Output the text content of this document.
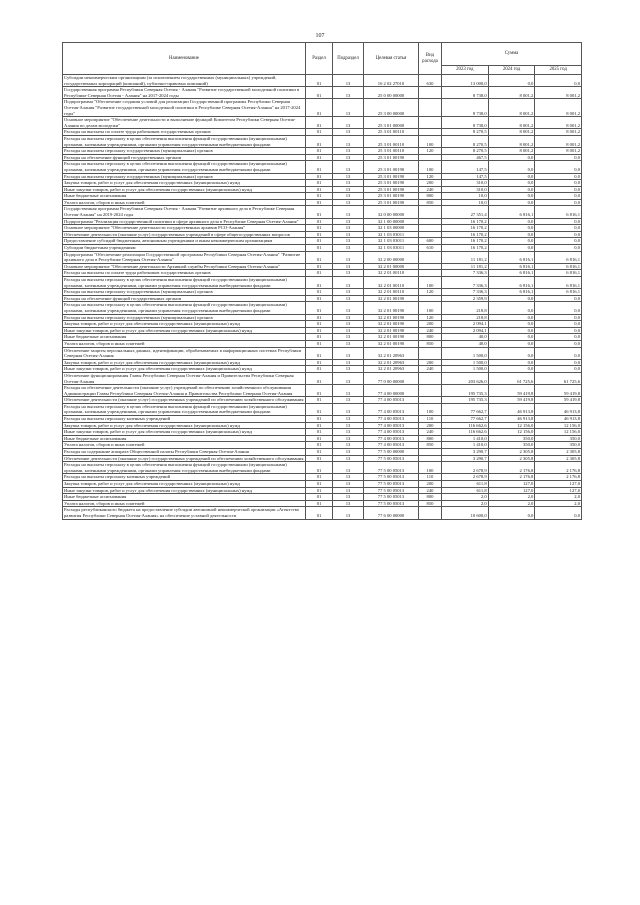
107
Наименование	Раздел	Подраздел	Целевая статья	Вид расхода	Сумма		
					2023 год	2024 год	2025 год
Субсидии некоммерческим организациям (за исключением государственных (муниципальных) учреждений, государственных корпораций (компаний), публично-правовых компаний)	01	13	16 2 02 27010	630	13 000,0	0,0	0,0
Государственная программа Республики Северная Осетия - Алания "Развитие государственной молодежной политики в Республике Северная Осетия - Алания" на 2017-2024 годы	01	13	25 0 00 00000		8 738,0	8 001,2	8 001,2
Подпрограмма "Обеспечение создания условий для реализации Государственной программы Республики Северная Осетия-Алания "Развитие государственной молодежной политики в Республике Северная Осетия-Алания" на 2017-2024 годы"	01	13	25 3 00 00000		8 738,0	8 001,2	8 001,2
Основное мероприятие "Обеспечение деятельности и выполнение функций Комитетом Республики Северная Осетия-Алания по делам молодежи"	01	13	25 3 01 00000		8 738,0	8 001,2	8 001,2
Расходы на выплаты по оплате труда работников государственных органов	01	13	25 3 01 00110		8 270,5	8 001,2	8 001,2
Расходы на выплаты персоналу в целях обеспечения выполнения функций государственными (муниципальными) органами, казенными учреждениями, органами управления государственными внебюджетными фондами	01	13	25 3 01 00110	100	8 270,5	8 001,2	8 001,2
Расходы на выплаты персоналу государственных (муниципальных) органов	01	13	25 3 01 00110	120	8 270,5	8 001,2	8 001,2
Расходы на обеспечение функций государственных органов	01	13	25 3 01 00190		467,5	0,0	0,0
Расходы на выплаты персоналу в целях обеспечения выполнения функций государственными (муниципальными) органами, казенными учреждениями, органами управления государственными внебюджетными фондами	01	13	25 3 01 00190	100	147,5	0,0	0,0
Расходы на выплаты персоналу государственных (муниципальных) органов	01	13	25 3 01 00190	120	147,5	0,0	0,0
Закупка товаров, работ и услуг для обеспечения государственных (муниципальных) нужд	01	13	25 3 01 00190	200	310,0	0,0	0,0
Иные закупки товаров, работ и услуг для обеспечения государственных (муниципальных) нужд	01	13	25 3 01 00190	240	310,0	0,0	0,0
Иные бюджетные ассигнования	01	13	25 3 01 00190	800	10,0	0,0	0,0
Уплата налогов, сборов и иных платежей	01	13	25 3 01 00190	850	10,0	0,0	0,0
Государственная программа Республики Северная Осетия - Алания "Развитие архивного дела в Республике Северная Осетия-Алания" на 2019-2024 годы	01	13	32 0 00 00000		27 351,4	6 816,1	6 816,1
Подпрограмма "Реализация государственной политики в сфере архивного дела в Республике Северная Осетия-Алания"	01	13	32 1 00 00000		16 170,2	0,0	0,0
Основное мероприятие "Обеспечение деятельности государственных архивов РСО-Алания"	01	13	32 1 03 00000		16 170,2	0,0	0,0
Обеспечение деятельности (оказание услуг) государственных учреждений в сфере общегосударственных вопросов	01	13	32 1 03 03011		16 170,2	0,0	0,0
Предоставление субсидий бюджетным, автономным учреждениям и иным некоммерческим организациям	01	13	32 1 03 03011	600	16 170,2	0,0	0,0
Субсидии бюджетным учреждениям	01	13	32 1 03 03011	610	16 170,2	0,0	0,0
Подпрограмма "Обеспечение реализации Государственной программы Республики Северная Осетия-Алания" "Развитие архивного дела в Республике Северная Осетия-Алания"	01	13	32 2 00 00000		11 181,2	6 816,1	6 816,1
Основное мероприятие "Обеспечение деятельности Архивной службы Республики Северная Осетия-Алания"	01	13	32 2 01 00000		11 181,2	6 816,1	6 816,1
Расходы на выплаты по оплате труда работников государственных органов	01	13	32 2 01 00110		7 336,3	6 816,1	6 816,1
Расходы на выплаты персоналу в целях обеспечения выполнения функций государственными (муниципальными) органами, казенными учреждениями, органами управления государственными внебюджетными фондами	01	13	32 2 01 00110	100	7 336,3	6 816,1	6 816,1
Расходы на выплаты персоналу государственных (муниципальных) органов	01	13	32 2 01 00110	120	7 336,3	6 816,1	6 816,1
Расходы на обеспечение функций государственных органов	01	13	32 2 01 00190		2 359,9	0,0	0,0
Расходы на выплаты персоналу в целях обеспечения выполнения функций государственными (муниципальными) органами, казенными учреждениями, органами управления государственными внебюджетными фондами	01	13	32 2 01 00190	100	218,8	0,0	0,0
Расходы на выплаты персоналу государственных (муниципальных) органов	01	13	32 2 01 00190	120	218,8	0,0	0,0
Закупка товаров, работ и услуг для обеспечения государственных (муниципальных) нужд	01	13	32 2 01 00190	200	2 094,1	0,0	0,0
Иные закупки товаров, работ и услуг для обеспечения государственных (муниципальных) нужд	01	13	32 2 01 00190	240	2 094,1	0,0	0,0
Иные бюджетные ассигнования	01	13	32 2 01 00190	800	40,0	0,0	0,0
Уплата налогов, сборов и иных платежей	01	13	32 2 01 00190	850	40,0	0,0	0,0
Обеспечение защиты персональных данных, идентификации, обрабатываемых в информационных системах Республики Северная Осетия-Алания	01	13	32 2 01 20963		1 500,0	0,0	0,0
Закупка товаров, работ и услуг для обеспечения государственных (муниципальных) нужд	01	13	32 2 01 20963	200	1 500,0	0,0	0,0
Иные закупки товаров, работ и услуг для обеспечения государственных (муниципальных) нужд	01	13	32 2 01 20963	240	1 500,0	0,0	0,0
Обеспечение функционирования Главы Республики Северная Осетия-Алания и Правительства Республики Северная Осетия-Алания	01	13	77 0 00 00000		203 626,0	61 725,6	61 725,6
Расходы на обеспечение деятельности (оказание услуг) учреждений по обеспечению хозяйственного обслуживания Администрации Главы Республики Северная Осетия-Алания и Правительства Республики Северная Осетия-Алания	01	13	77 4 00 00000		195 735,3	59 419,8	59 419,8
Обеспечение деятельности (оказание услуг) государственных учреждений по обеспечению хозяйственного обслуживания	01	13	77 4 00 05013		195 735,3	59 419,8	59 419,8
Расходы на выплаты персоналу в целях обеспечения выполнения функций государственными (муниципальными) органами, казенными учреждениями, органами управления государственными внебюджетными фондами	01	13	77 4 00 05013	100	77 662,7	46 913,8	46 913,8
Расходы на выплаты персоналу казенных учреждений	01	13	77 4 00 05013	110	77 662,7	46 913,8	46 913,8
Закупка товаров, работ и услуг для обеспечения государственных (муниципальных) нужд	01	13	77 4 00 05013	200	116 662,6	12 156,0	12 156,0
Иные закупки товаров, работ и услуг для обеспечения государственных (муниципальных) нужд	01	13	77 4 00 05013	240	116 662,6	12 156,0	12 156,0
Иные бюджетные ассигнования	01	13	77 4 00 05013	800	1 410,0	350,0	350,0
Уплата налогов, сборов и иных платежей	01	13	77 4 00 05013	850	1 410,0	350,0	350,0
Расходы на содержание аппарата Общественной палаты Республики Северная Осетия-Алания	01	13	77 5 00 00000		3 290,7	2 305,8	2 305,8
Обеспечение деятельности (оказание услуг) государственных учреждений по обеспечению хозяйственного обслуживания	01	13	77 5 00 05013		3 290,7	2 305,8	2 305,8
Расходы на выплаты персоналу в целях обеспечения выполнения функций государственными (муниципальными) органами, казенными учреждениями, органами управления государственными внебюджетными фондами	01	13	77 5 00 05013	100	2 678,9	2 176,8	2 176,8
Расходы на выплаты персоналу казенных учреждений	01	13	77 5 00 05013	110	2 678,9	2 176,8	2 176,8
Закупка товаров, работ и услуг для обеспечения государственных (муниципальных) нужд	01	13	77 5 00 05013	200	611,8	127,0	127,0
Иные закупки товаров, работ и услуг для обеспечения государственных (муниципальных) нужд	01	13	77 5 00 05013	240	611,8	127,0	127,0
Иные бюджетные ассигнования	01	13	77 5 00 05013	800	2,0	2,0	2,0
Уплата налогов, сборов и иных платежей	01	13	77 5 00 05013	850	2,0	2,0	2,0
Расходы республиканского бюджета на предоставление субсидии автономной некоммерческой организации «Агентство развития Республики Северная Осетия-Алания» на обеспечение уставной деятельности	01	13	77 6 00 00000		10 600,0	0,0	0,0
